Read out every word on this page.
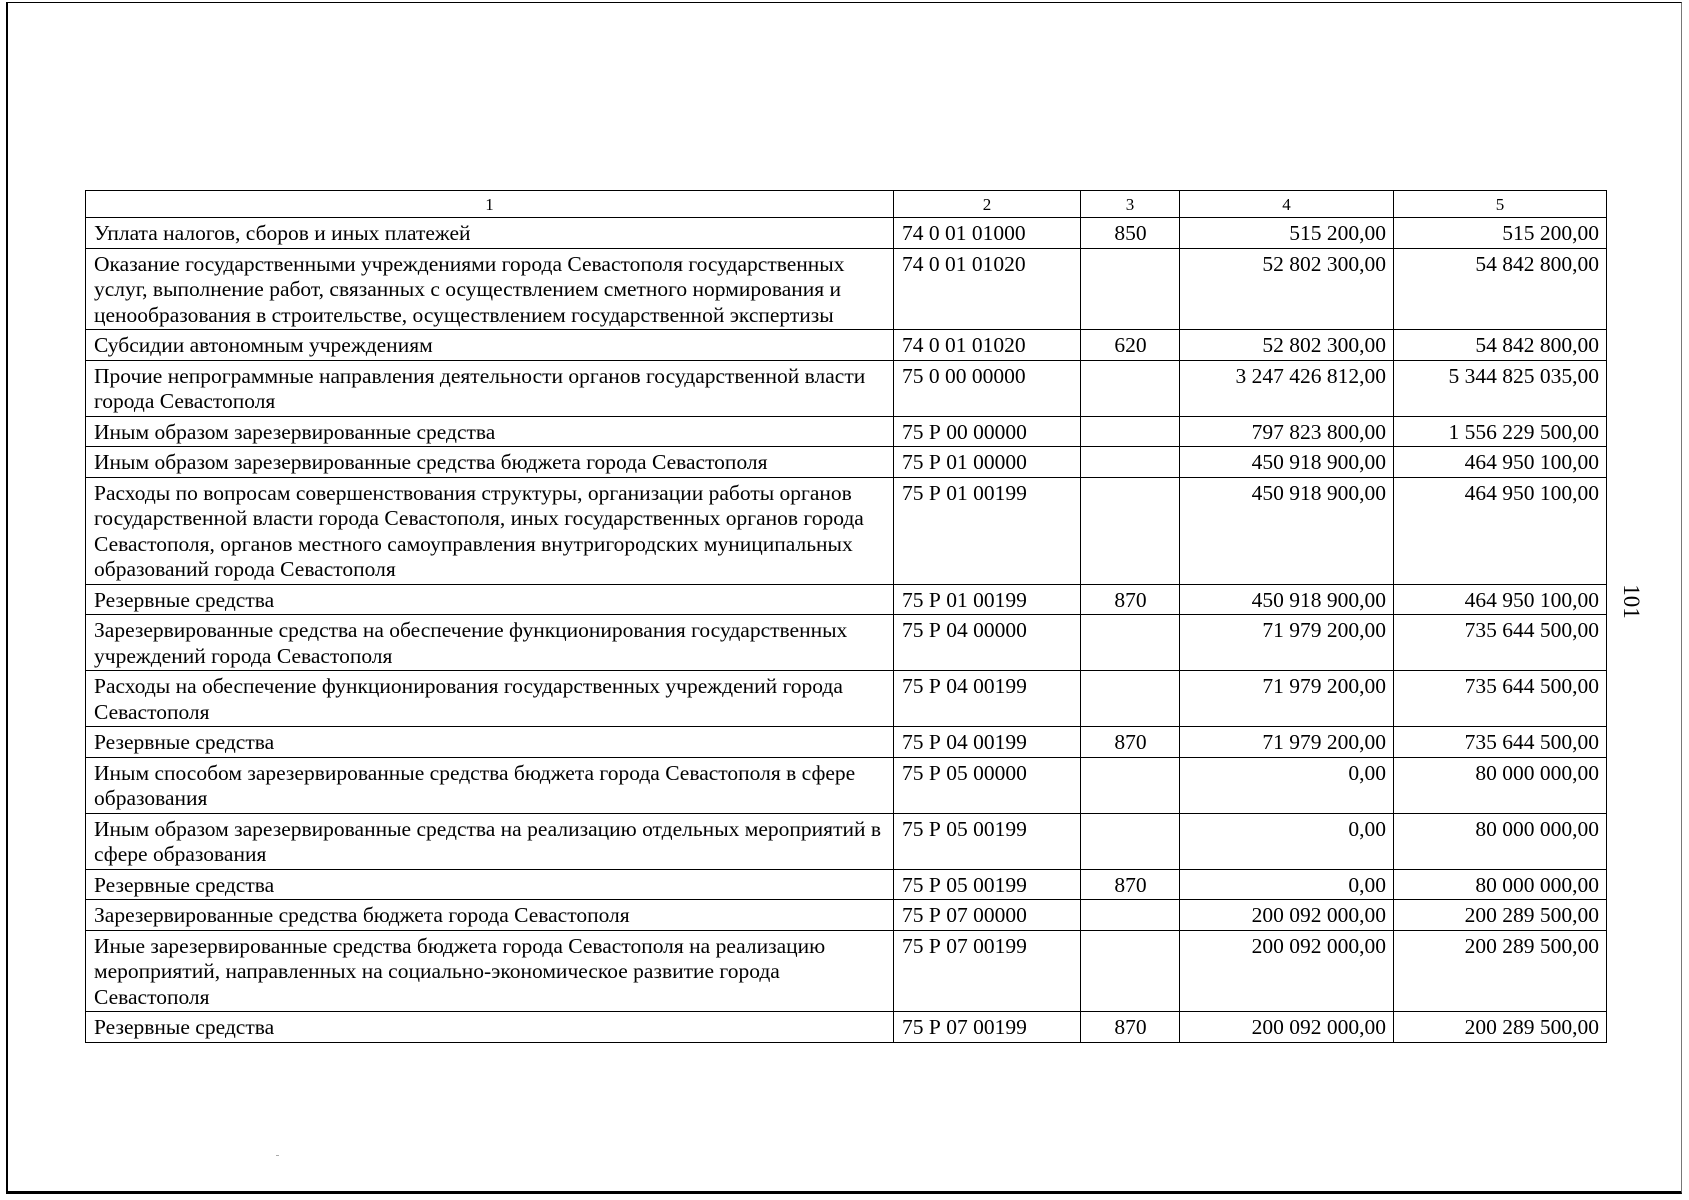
101
1	2	3	4	5
Уплата налогов, сборов и иных платежей	74 0 01 01000	850	515 200,00	515 200,00
Оказание государственными учреждениями города Севастополя государственных услуг, выполнение работ, связанных с осуществлением сметного нормирования и ценообразования в строительстве, осуществлением государственной экспертизы	74 0 01 01020		52 802 300,00	54 842 800,00
Субсидии автономным учреждениям	74 0 01 01020	620	52 802 300,00	54 842 800,00
Прочие непрограммные направления деятельности органов государственной власти города Севастополя	75 0 00 00000		3 247 426 812,00	5 344 825 035,00
Иным образом зарезервированные средства	75 Р 00 00000		797 823 800,00	1 556 229 500,00
Иным образом зарезервированные средства бюджета города Севастополя	75 Р 01 00000		450 918 900,00	464 950 100,00
Расходы по вопросам совершенствования структуры, организации работы органов государственной власти города Севастополя, иных государственных органов города Севастополя, органов местного самоуправления внутригородских муниципальных образований города Севастополя	75 Р 01 00199		450 918 900,00	464 950 100,00
Резервные средства	75 Р 01 00199	870	450 918 900,00	464 950 100,00
Зарезервированные средства на обеспечение функционирования государственных учреждений города Севастополя	75 Р 04 00000		71 979 200,00	735 644 500,00
Расходы на обеспечение функционирования государственных учреждений города Севастополя	75 Р 04 00199		71 979 200,00	735 644 500,00
Резервные средства	75 Р 04 00199	870	71 979 200,00	735 644 500,00
Иным способом зарезервированные средства бюджета города Севастополя в сфере образования	75 Р 05 00000		0,00	80 000 000,00
Иным образом зарезервированные средства на реализацию отдельных мероприятий в сфере образования	75 Р 05 00199		0,00	80 000 000,00
Резервные средства	75 Р 05 00199	870	0,00	80 000 000,00
Зарезервированные средства бюджета города Севастополя	75 Р 07 00000		200 092 000,00	200 289 500,00
Иные зарезервированные средства бюджета города Севастополя на реализацию мероприятий, направленных на социально-экономическое развитие города Севастополя	75 Р 07 00199		200 092 000,00	200 289 500,00
Резервные средства	75 Р 07 00199	870	200 092 000,00	200 289 500,00
